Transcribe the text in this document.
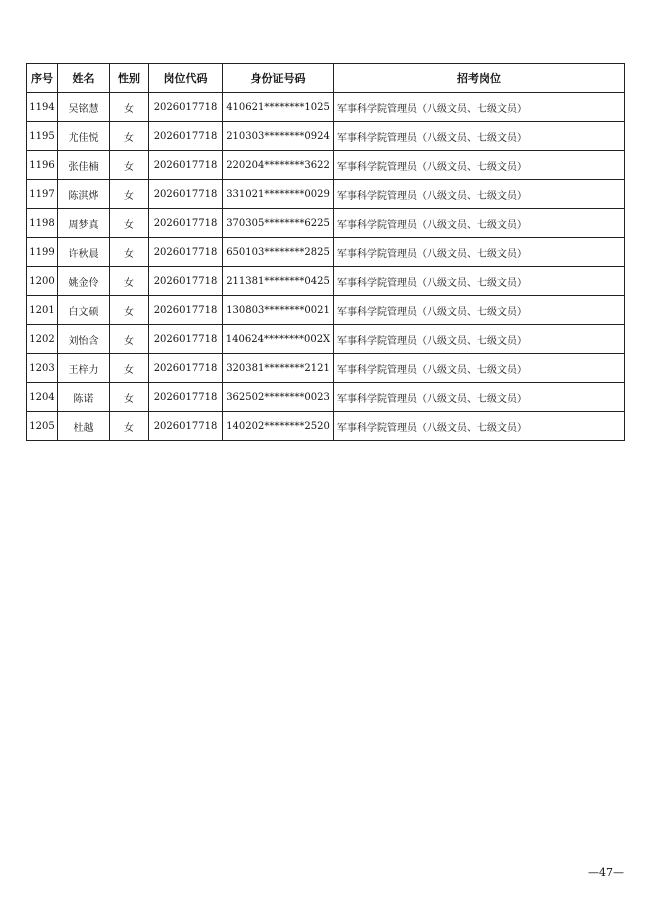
序号	姓名	性别	岗位代码	身份证号码	招考岗位
1194	吴铭慧	女	2026017718	410621********1025	军事科学院管理员（八级文员、七级文员）
1195	尤佳悦	女	2026017718	210303********0924	军事科学院管理员（八级文员、七级文员）
1196	张佳楠	女	2026017718	220204********3622	军事科学院管理员（八级文员、七级文员）
1197	陈淇烨	女	2026017718	331021********0029	军事科学院管理员（八级文员、七级文员）
1198	周梦真	女	2026017718	370305********6225	军事科学院管理员（八级文员、七级文员）
1199	许秋晨	女	2026017718	650103********2825	军事科学院管理员（八级文员、七级文员）
1200	姚金伶	女	2026017718	211381********0425	军事科学院管理员（八级文员、七级文员）
1201	白文硕	女	2026017718	130803********0021	军事科学院管理员（八级文员、七级文员）
1202	刘怡含	女	2026017718	140624********002X	军事科学院管理员（八级文员、七级文员）
1203	王梓力	女	2026017718	320381********2121	军事科学院管理员（八级文员、七级文员）
1204	陈诺	女	2026017718	362502********0023	军事科学院管理员（八级文员、七级文员）
1205	杜越	女	2026017718	140202********2520	军事科学院管理员（八级文员、七级文员）
—47—
